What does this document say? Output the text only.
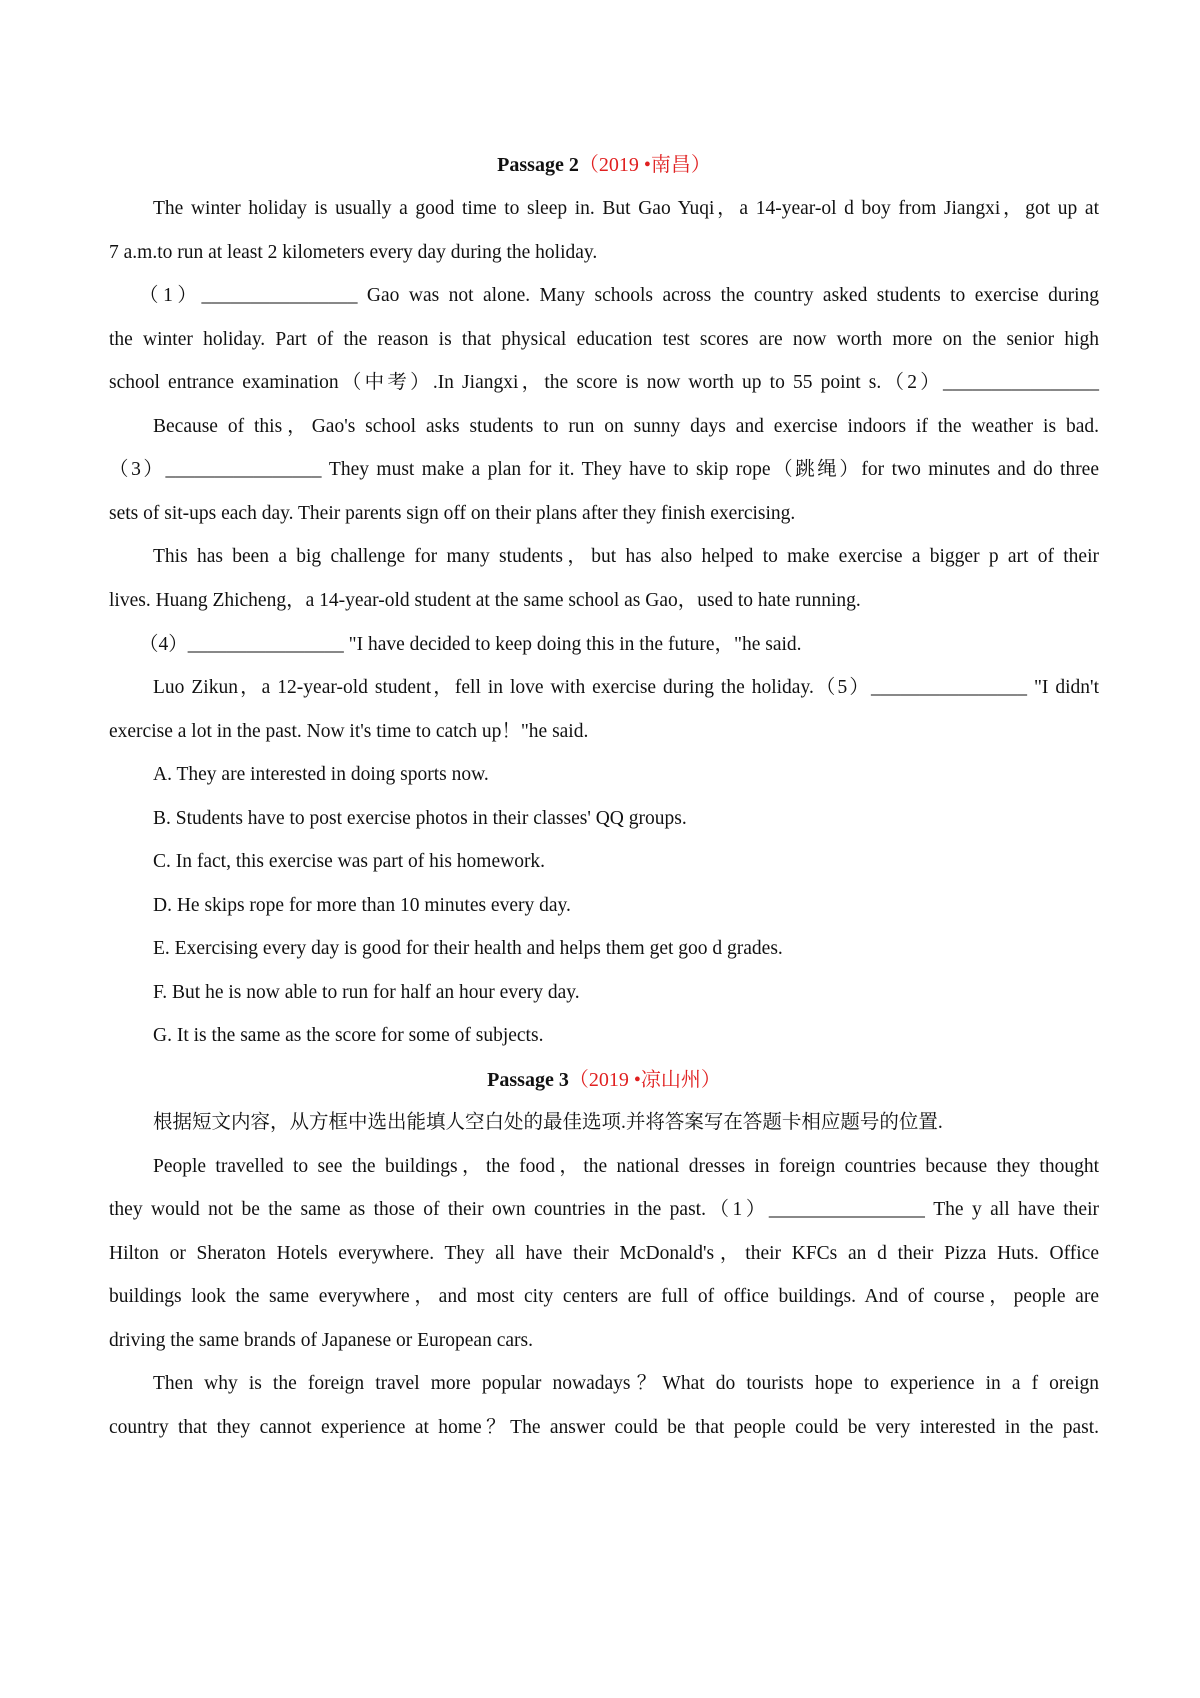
Passage 2（2019 •南昌）
The winter holiday is usually a good time to sleep in. But Gao Yuqi，a 14-year-ol d boy from Jiangxi，got up at
7 a.m.to run at least 2 kilometers every day during the holiday.
（1）________________ Gao was not alone. Many schools across the country asked students to exercise during
the winter holiday. Part of the reason is that physical education test scores are now worth more on the senior high
school entrance examination（中考）.In Jiangxi，the score is now worth up to 55 point s.（2）________________
Because of this，Gao's school asks students to run on sunny days and exercise indoors if the weather is bad.
（3）________________ They must make a plan for it. They have to skip rope（跳绳）for two minutes and do three
sets of sit-ups each day. Their parents sign off on their plans after they finish exercising.
This has been a big challenge for many students，but has also helped to make exercise a bigger p art of their
lives. Huang Zhicheng，a 14-year-old student at the same school as Gao，used to hate running.
（4）________________ "I have decided to keep doing this in the future，"he said.
Luo Zikun，a 12-year-old student，fell in love with exercise during the holiday.（5）________________ "I didn't
exercise a lot in the past. Now it's time to catch up！"he said.
A. They are interested in doing sports now.
B. Students have to post exercise photos in their classes' QQ groups.
C. In fact, this exercise was part of his homework.
D. He skips rope for more than 10 minutes every day.
E. Exercising every day is good for their health and helps them get goo d grades.
F. But he is now able to run for half an hour every day.
G. It is the same as the score for some of subjects.
Passage 3（2019 •凉山州）
根据短文内容，从方框中选出能填人空白处的最佳选项.并将答案写在答题卡相应题号的位置.
People travelled to see the buildings，the food，the national dresses in foreign countries because they thought
they would not be the same as those of their own countries in the past.（1）________________ The y all have their
Hilton or Sheraton Hotels everywhere. They all have their McDonald's，their KFCs an d their Pizza Huts. Office
buildings look the same everywhere，and most city centers are full of office buildings. And of course，people are
driving the same brands of Japanese or European cars.
Then why is the foreign travel more popular nowadays？What do tourists hope to experience in a f oreign
country that they cannot experience at home？The answer could be that people could be very interested in the past.
